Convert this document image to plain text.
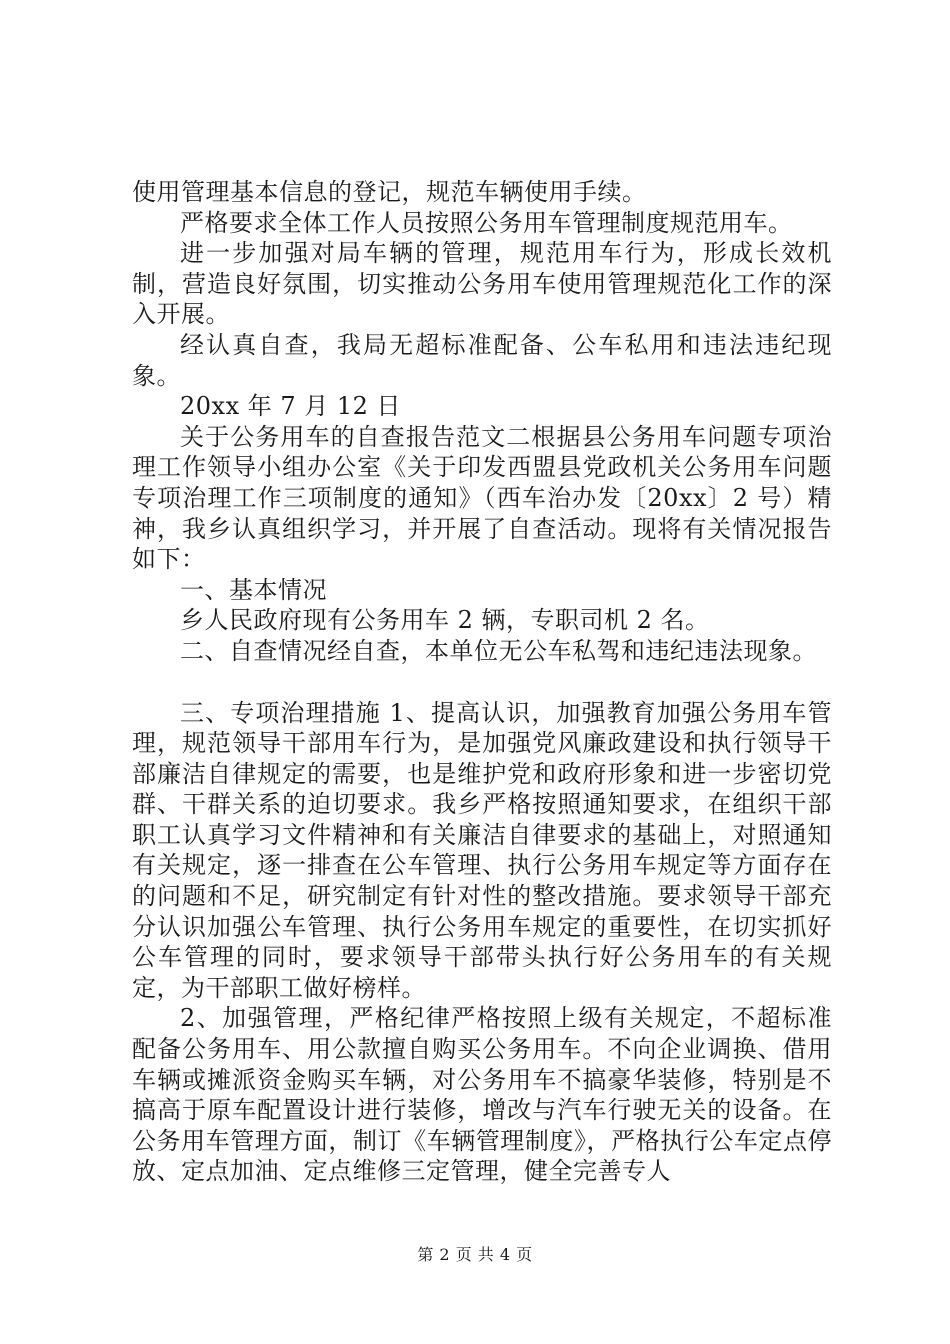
使用管理基本信息的登记，规范车辆使用手续。

严格要求全体工作人员按照公务用车管理制度规范用车。

进一步加强对局车辆的管理，规范用车行为，形成长效机制，营造良好氛围，切实推动公务用车使用管理规范化工作的深入开展。

经认真自查，我局无超标准配备、公车私用和违法违纪现象。

20xx 年 7 月 12 日

关于公务用车的自查报告范文二根据县公务用车问题专项治理工作领导小组办公室《关于印发西盟县党政机关公务用车问题专项治理工作三项制度的通知》（西车治办发〔20xx〕2 号）精神，我乡认真组织学习，并开展了自查活动。现将有关情况报告如下：

一、基本情况

乡人民政府现有公务用车 2 辆，专职司机 2 名。

二、自查情况经自查，本单位无公车私驾和违纪违法现象。

三、专项治理措施 1、提高认识，加强教育加强公务用车管理，规范领导干部用车行为，是加强党风廉政建设和执行领导干部廉洁自律规定的需要，也是维护党和政府形象和进一步密切党群、干群关系的迫切要求。我乡严格按照通知要求，在组织干部职工认真学习文件精神和有关廉洁自律要求的基础上，对照通知有关规定，逐一排查在公车管理、执行公务用车规定等方面存在的问题和不足，研究制定有针对性的整改措施。要求领导干部充分认识加强公车管理、执行公务用车规定的重要性，在切实抓好公车管理的同时，要求领导干部带头执行好公务用车的有关规定，为干部职工做好榜样。

2、加强管理，严格纪律严格按照上级有关规定，不超标准配备公务用车、用公款擅自购买公务用车。不向企业调换、借用车辆或摊派资金购买车辆，对公务用车不搞豪华装修，特别是不搞高于原车配置设计进行装修，增改与汽车行驶无关的设备。在公务用车管理方面，制订《车辆管理制度》，严格执行公车定点停放、定点加油、定点维修三定管理，健全完善专人

第 2 页 共 4 页
